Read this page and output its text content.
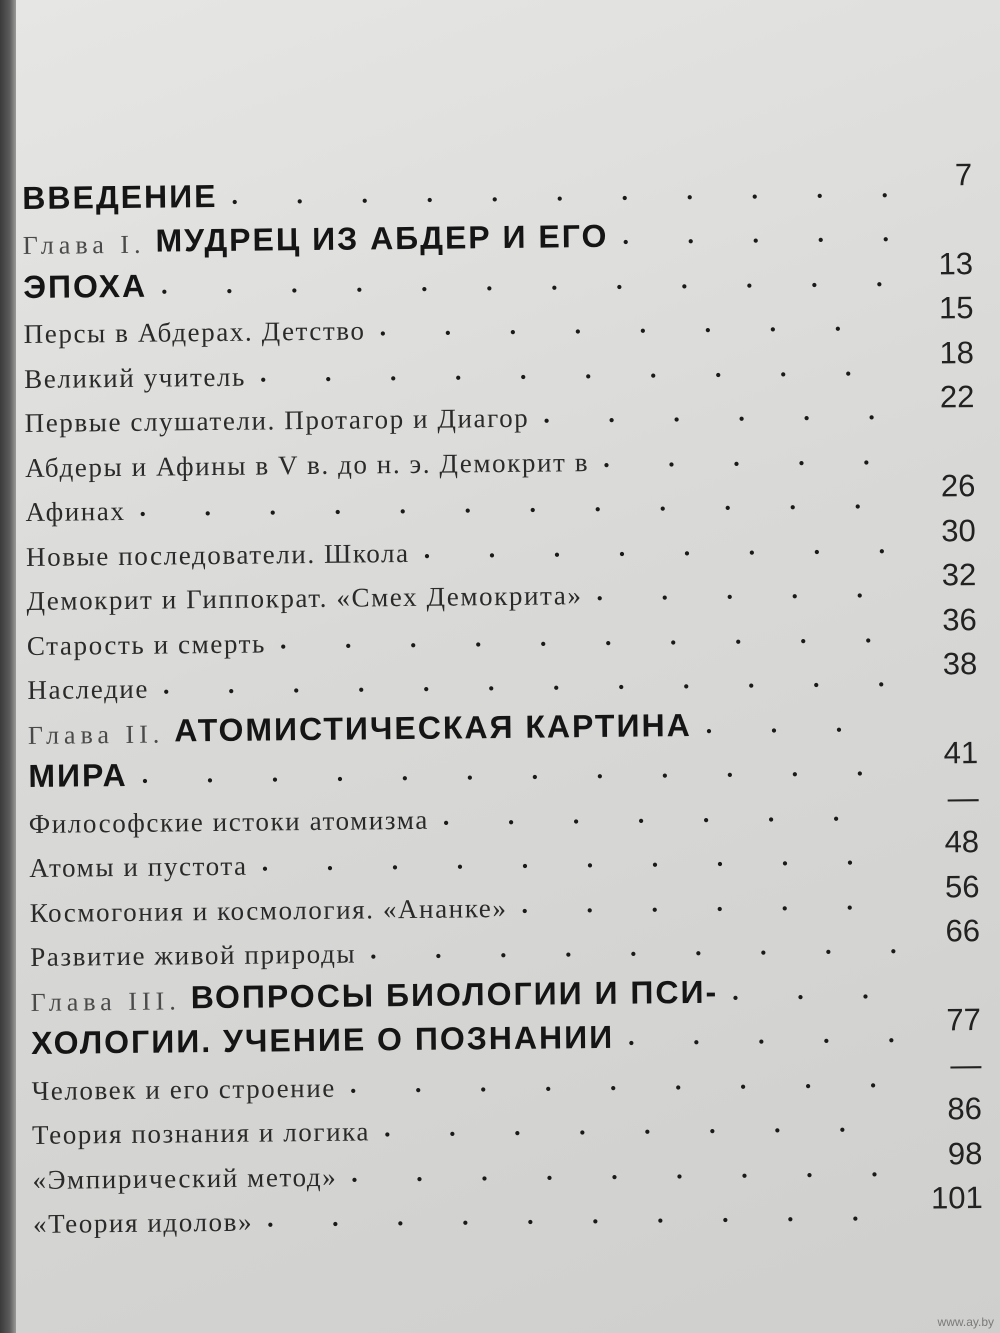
ВВЕДЕНИЕ
. . .
7
Глава I. МУДРЕЦ ИЗ АБДЕР И ЕГО
. . .
ЭПОХА
. . .
13
Персы в Абдерах. Детство
. . .
15
Великий учитель
. . .
18
Первые слушатели. Протагор и Диагор
. . .
22
Абдеры и Афины в V в. до н. э. Демокрит в
. . .
Афинах
. . .
26
Новые последователи. Школа
. . .
30
Демокрит и Гиппократ. «Смех Демокрита»
. . .
32
Старость и смерть
. . .
36
Наследие
. . .
38
Глава II. АТОМИСТИЧЕСКАЯ КАРТИНА
. . .
МИРА
. . .
41
Философские истоки атомизма
. . .
—
Атомы и пустота
. . .
48
Космогония и космология. «Ананке»
. . .
56
Развитие живой природы
. . .
66
Глава III. ВОПРОСЫ БИОЛОГИИ И ПСИ-
. . .
ХОЛОГИИ. УЧЕНИЕ О ПОЗНАНИИ
. . .	77
Человек и его строение
. . .
—
Теория познания и логика
. . .
86
«Эмпирический метод»
. . .
98
«Теория идолов»
. . .
101
www.ay.by
